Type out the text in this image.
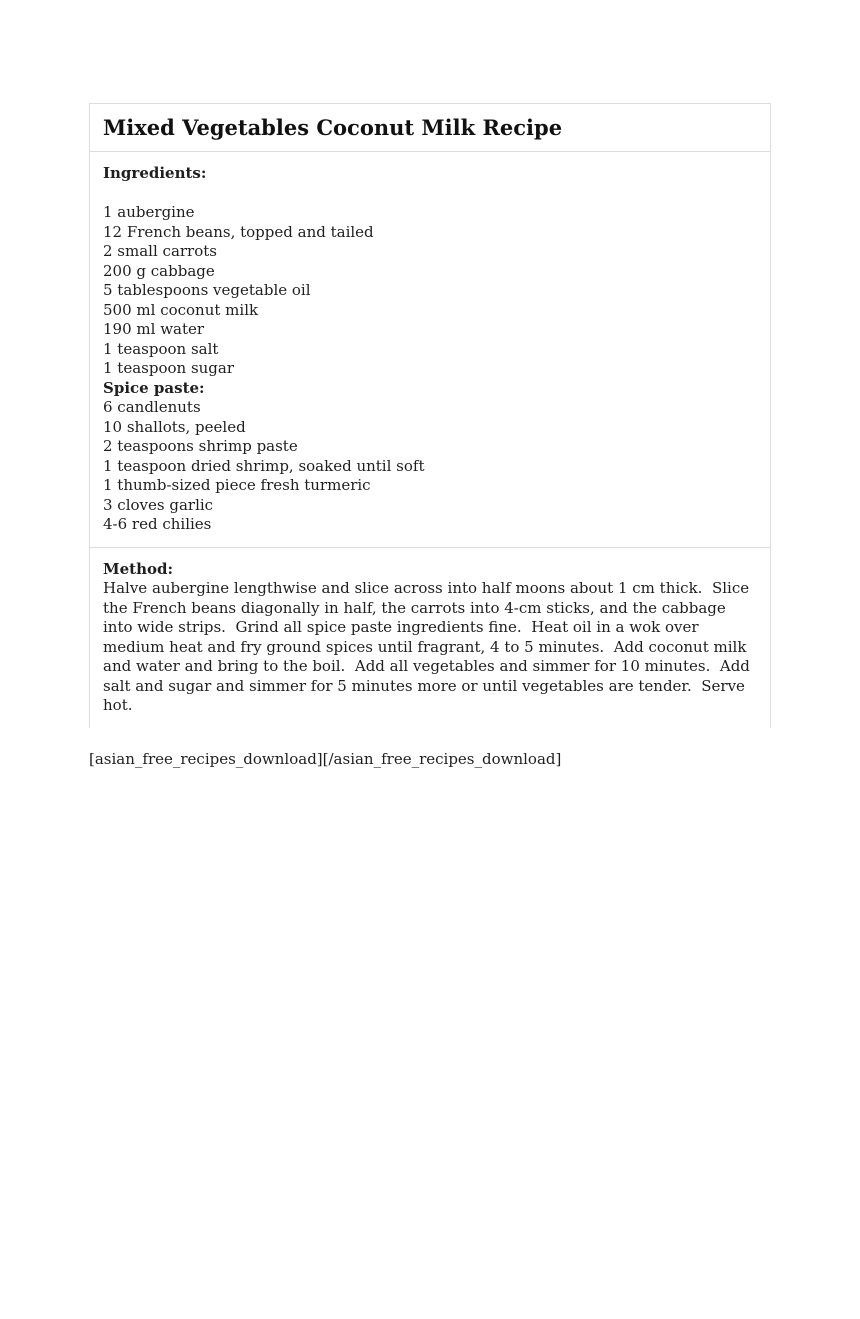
Mixed Vegetables Coconut Milk Recipe

Ingredients:

1 aubergine
12 French beans, topped and tailed
2 small carrots
200 g cabbage
5 tablespoons vegetable oil
500 ml coconut milk
190 ml water
1 teaspoon salt
1 teaspoon sugar
Spice paste:
6 candlenuts
10 shallots, peeled
2 teaspoons shrimp paste
1 teaspoon dried shrimp, soaked until soft
1 thumb-sized piece fresh turmeric
3 cloves garlic
4-6 red chilies

Method:

Halve aubergine lengthwise and slice across into half moons about 1 cm thick.  Slice the French beans diagonally in half, the carrots into 4-cm sticks, and the cabbage into wide strips.  Grind all spice paste ingredients fine.  Heat oil in a wok over medium heat and fry ground spices until fragrant, 4 to 5 minutes.  Add coconut milk and water and bring to the boil.  Add all vegetables and simmer for 10 minutes.  Add salt and sugar and simmer for 5 minutes more or until vegetables are tender.  Serve hot.

[asian_free_recipes_download][/asian_free_recipes_download]
